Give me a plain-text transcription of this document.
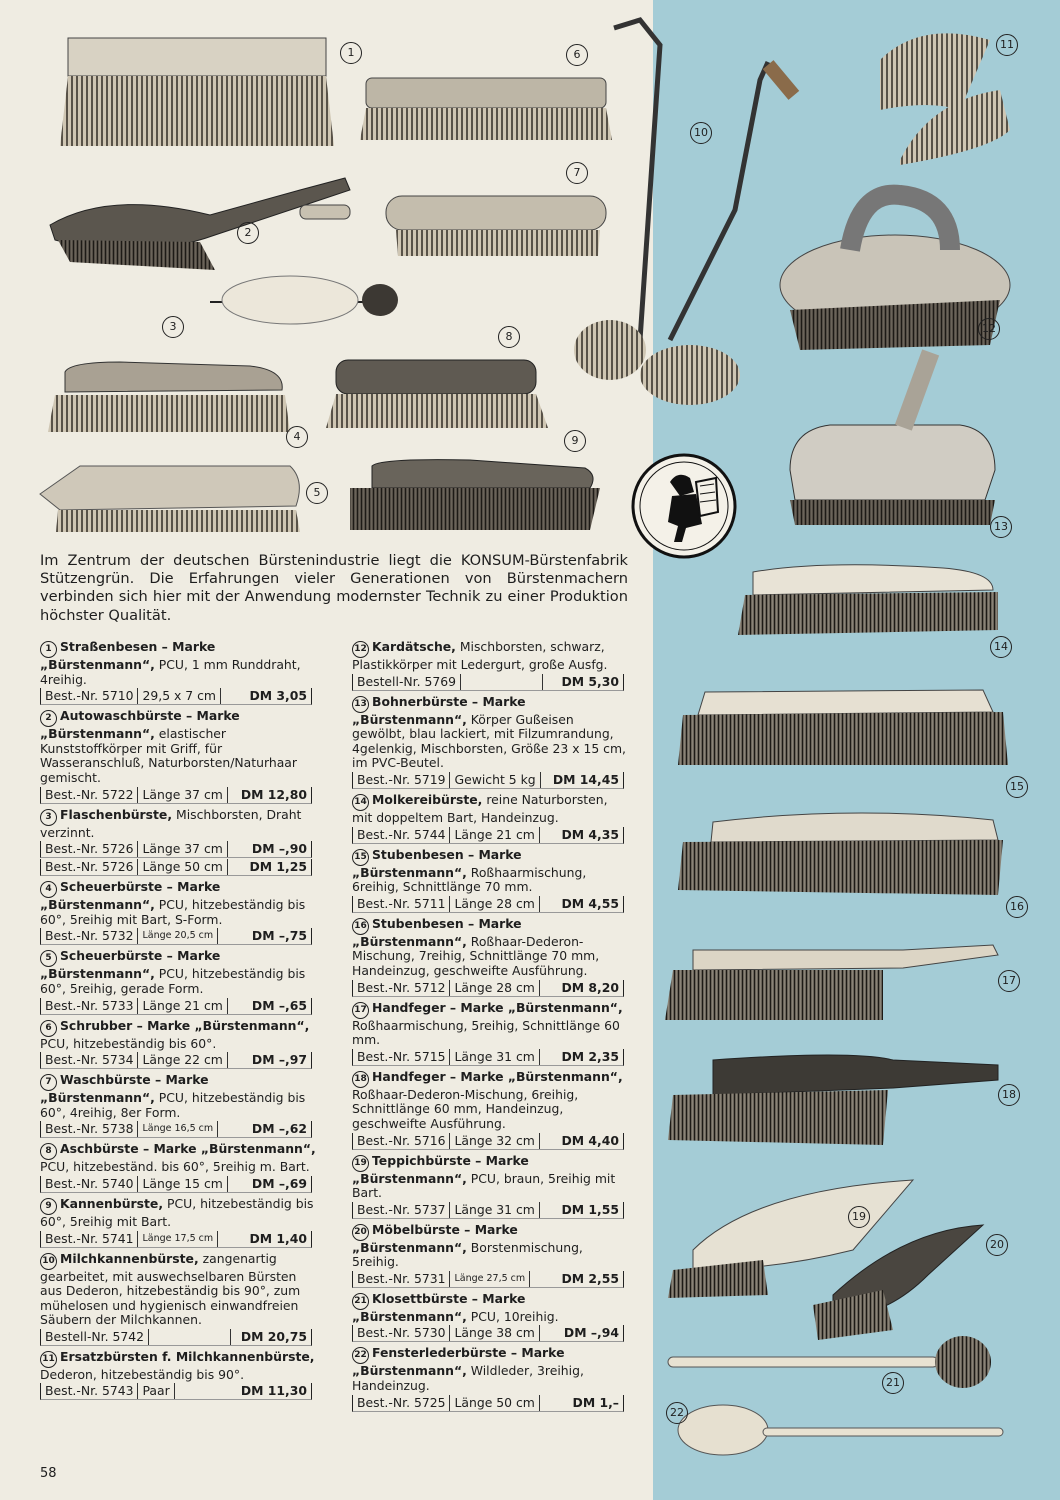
1
2
3
4
5
6
7
8
9
10
11
12
13
14
15
16
17
18
19
20
21
22
Im Zentrum der deutschen Bürstenindustrie liegt die KONSUM-Bürstenfabrik Stützengrün. Die Erfahrungen vieler Generationen von Bürstenmachern verbinden sich hier mit der Anwendung modernster Technik zu einer Produktion höchster Qualität.
1 Straßenbesen – Marke „Bürstenmann“, PCU, 1 mm Runddraht, 4reihig.
Best.-Nr. 5710 29,5 x 7 cm	DM 3,05
2 Autowaschbürste – Marke „Bürstenmann“, elastischer Kunststoffkörper mit Griff, für Wasseranschluß, Naturborsten/Naturhaar gemischt.
Best.-Nr. 5722 Länge 37 cm	DM 12,80
3 Flaschenbürste, Mischborsten, Draht verzinnt.
Best.-Nr. 5726 Länge 37 cm	DM –,90
Best.-Nr. 5726 Länge 50 cm	DM 1,25
4 Scheuerbürste – Marke „Bürstenmann“, PCU, hitzebeständig bis 60°, 5reihig mit Bart, S-Form.
Best.-Nr. 5732 Länge 20,5 cm	DM –,75
5 Scheuerbürste – Marke „Bürstenmann“, PCU, hitzebeständig bis 60°, 5reihig, gerade Form.
Best.-Nr. 5733 Länge 21 cm	DM –,65
6 Schrubber – Marke „Bürstenmann“, PCU, hitzebeständig bis 60°.
Best.-Nr. 5734 Länge 22 cm	DM –,97
7 Waschbürste – Marke „Bürstenmann“, PCU, hitzebeständig bis 60°, 4reihig, 8er Form.
Best.-Nr. 5738 Länge 16,5 cm	DM –,62
8 Aschbürste – Marke „Bürstenmann“, PCU, hitzebeständ. bis 60°, 5reihig m. Bart.
Best.-Nr. 5740 Länge 15 cm	DM –,69
9 Kannenbürste, PCU, hitzebeständig bis 60°, 5reihig mit Bart.
Best.-Nr. 5741 Länge 17,5 cm	DM 1,40
10 Milchkannenbürste, zangenartig gearbeitet, mit auswechselbaren Bürsten aus Dederon, hitzebeständig bis 90°, zum mühelosen und hygienisch einwandfreien Säubern der Milchkannen.
Bestell-Nr. 5742	DM 20,75
11 Ersatzbürsten f. Milchkannenbürste, Dederon, hitzebeständig bis 90°.
Best.-Nr. 5743 Paar	DM 11,30
12 Kardätsche, Mischborsten, schwarz, Plastikkörper mit Ledergurt, große Ausfg.
Bestell-Nr. 5769	DM 5,30
13 Bohnerbürste – Marke „Bürstenmann“, Körper Gußeisen gewölbt, blau lackiert, mit Filzumrandung, 4gelenkig, Mischborsten, Größe 23 x 15 cm, im PVC-Beutel.
Best.-Nr. 5719 Gewicht 5 kg	DM 14,45
14 Molkereibürste, reine Naturborsten, mit doppeltem Bart, Handeinzug.
Best.-Nr. 5744 Länge 21 cm	DM 4,35
15 Stubenbesen – Marke „Bürstenmann“, Roßhaarmischung, 6reihig, Schnittlänge 70 mm.
Best.-Nr. 5711 Länge 28 cm	DM 4,55
16 Stubenbesen – Marke „Bürstenmann“, Roßhaar-Dederon-Mischung, 7reihig, Schnittlänge 70 mm, Handeinzug, geschweifte Ausführung.
Best.-Nr. 5712 Länge 28 cm	DM 8,20
17 Handfeger – Marke „Bürstenmann“, Roßhaarmischung, 5reihig, Schnittlänge 60 mm.
Best.-Nr. 5715 Länge 31 cm	DM 2,35
18 Handfeger – Marke „Bürstenmann“, Roßhaar-Dederon-Mischung, 6reihig, Schnittlänge 60 mm, Handeinzug, geschweifte Ausführung.
Best.-Nr. 5716 Länge 32 cm	DM 4,40
19 Teppichbürste – Marke „Bürstenmann“, PCU, braun, 5reihig mit Bart.
Best.-Nr. 5737 Länge 31 cm	DM 1,55
20 Möbelbürste – Marke „Bürstenmann“, Borstenmischung, 5reihig.
Best.-Nr. 5731 Länge 27,5 cm	DM 2,55
21 Klosettbürste – Marke „Bürstenmann“, PCU, 10reihig.
Best.-Nr. 5730 Länge 38 cm	DM –,94
22 Fensterlederbürste – Marke „Bürstenmann“, Wildleder, 3reihig, Handeinzug.
Best.-Nr. 5725 Länge 50 cm	DM 1,–
58
